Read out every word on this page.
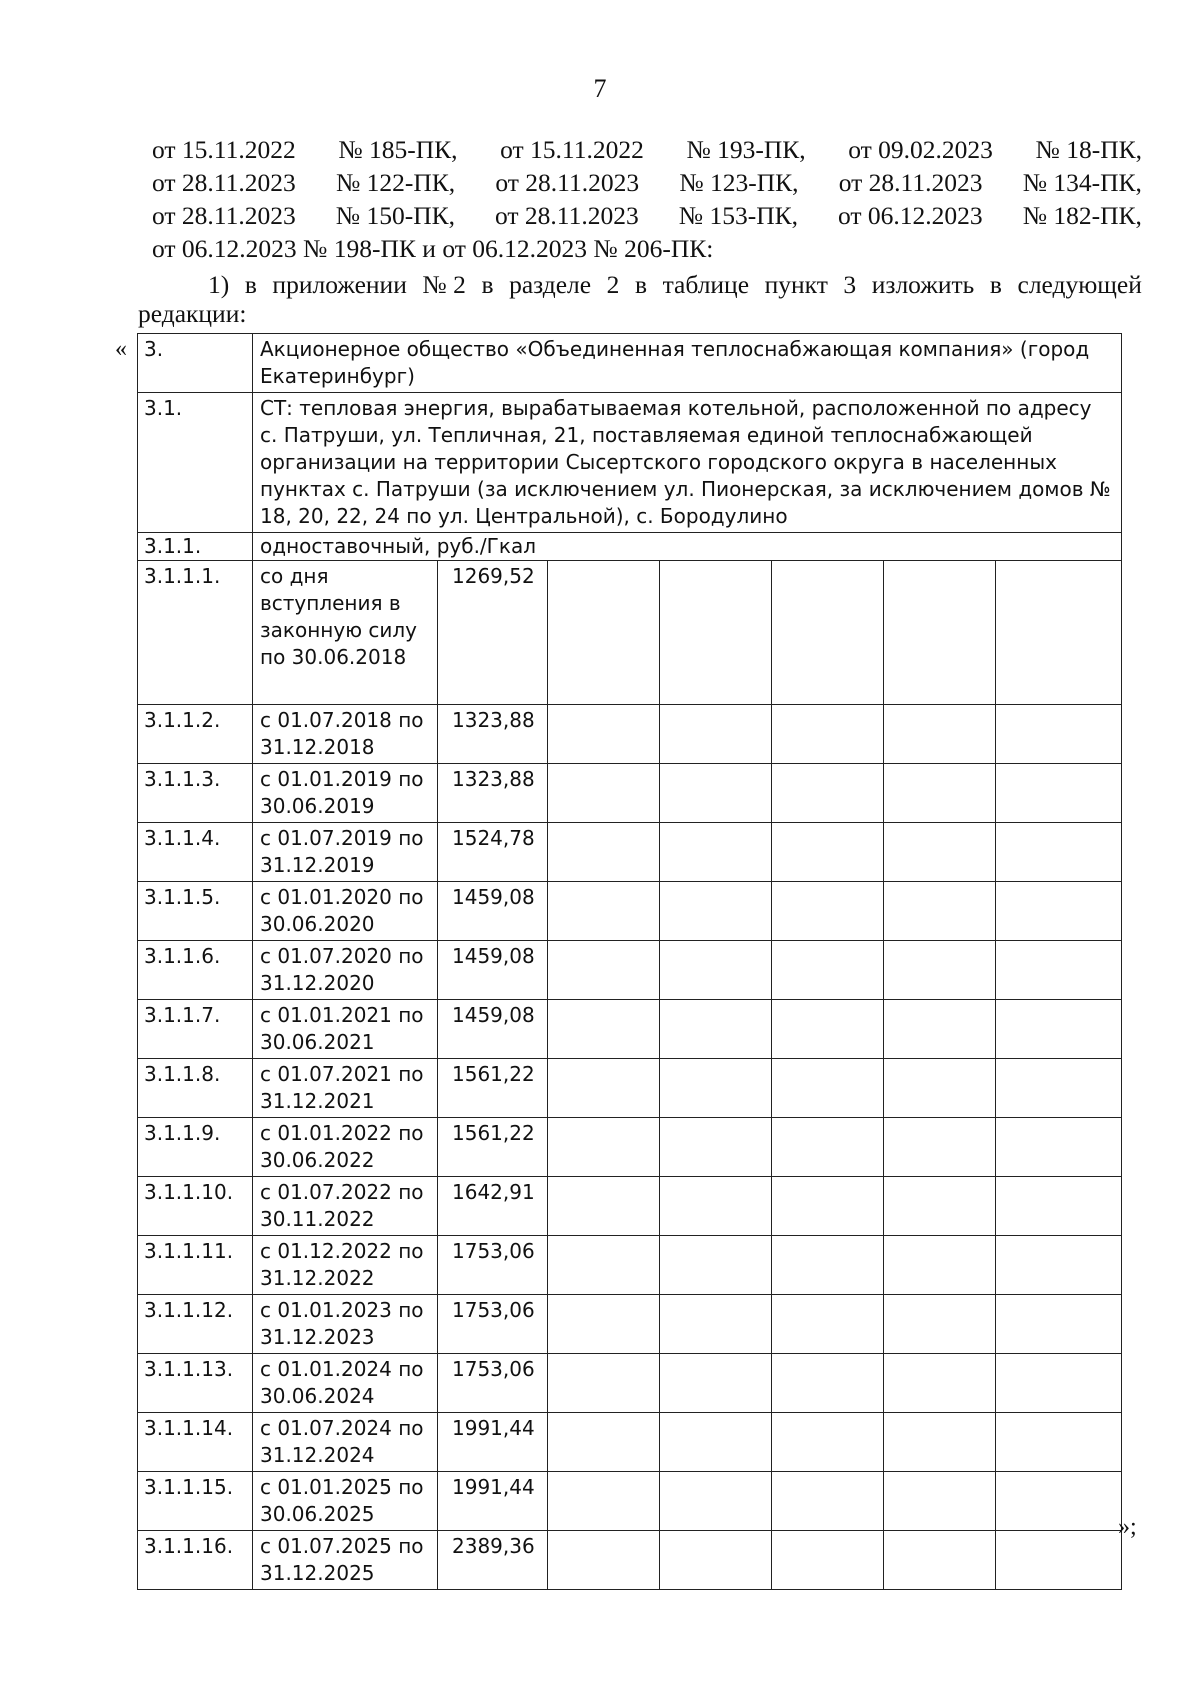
7
от 15.11.2022 № 185-ПК, от 15.11.2022 № 193-ПК, от 09.02.2023 № 18-ПК,
от 28.11.2023 № 122-ПК, от 28.11.2023 № 123-ПК, от 28.11.2023 № 134-ПК,
от 28.11.2023 № 150-ПК, от 28.11.2023 № 153-ПК, от 06.12.2023 № 182-ПК,
от 06.12.2023 № 198-ПК и от 06.12.2023 № 206-ПК:
1) в приложении № 2 в разделе 2 в таблице пункт 3 изложить в следующей
редакции:
« 3.	Акционерное общество «Объединенная теплоснабжающая компания» (город Екатеринбург)						
3.1.	СТ: тепловая энергия, вырабатываемая котельной, расположенной по адресу с. Патруши, ул. Тепличная, 21, поставляемая единой теплоснабжающей организации на территории Сысертского городского округа в населенных пунктах с. Патруши (за исключением ул. Пионерская, за исключением домов № 18, 20, 22, 24 по ул. Центральной), с. Бородулино						
3.1.1.	одноставочный, руб./Гкал						
3.1.1.1.	со дня вступления в законную силу по 30.06.2018	1269,52					
3.1.1.2.	с 01.07.2018 по 31.12.2018	1323,88					
3.1.1.3.	с 01.01.2019 по 30.06.2019	1323,88					
3.1.1.4.	с 01.07.2019 по 31.12.2019	1524,78					
3.1.1.5.	с 01.01.2020 по 30.06.2020	1459,08					
3.1.1.6.	с 01.07.2020 по 31.12.2020	1459,08					
3.1.1.7.	с 01.01.2021 по 30.06.2021	1459,08					
3.1.1.8.	с 01.07.2021 по 31.12.2021	1561,22					
3.1.1.9.	с 01.01.2022 по 30.06.2022	1561,22					
3.1.1.10.	с 01.07.2022 по 30.11.2022	1642,91					
3.1.1.11.	с 01.12.2022 по 31.12.2022	1753,06					
3.1.1.12.	с 01.01.2023 по 31.12.2023	1753,06					
3.1.1.13.	с 01.01.2024 по 30.06.2024	1753,06					
3.1.1.14.	с 01.07.2024 по 31.12.2024	1991,44					
3.1.1.15.	с 01.01.2025 по 30.06.2025	1991,44					
3.1.1.16.	с 01.07.2025 по 31.12.2025	2389,36					
»;
